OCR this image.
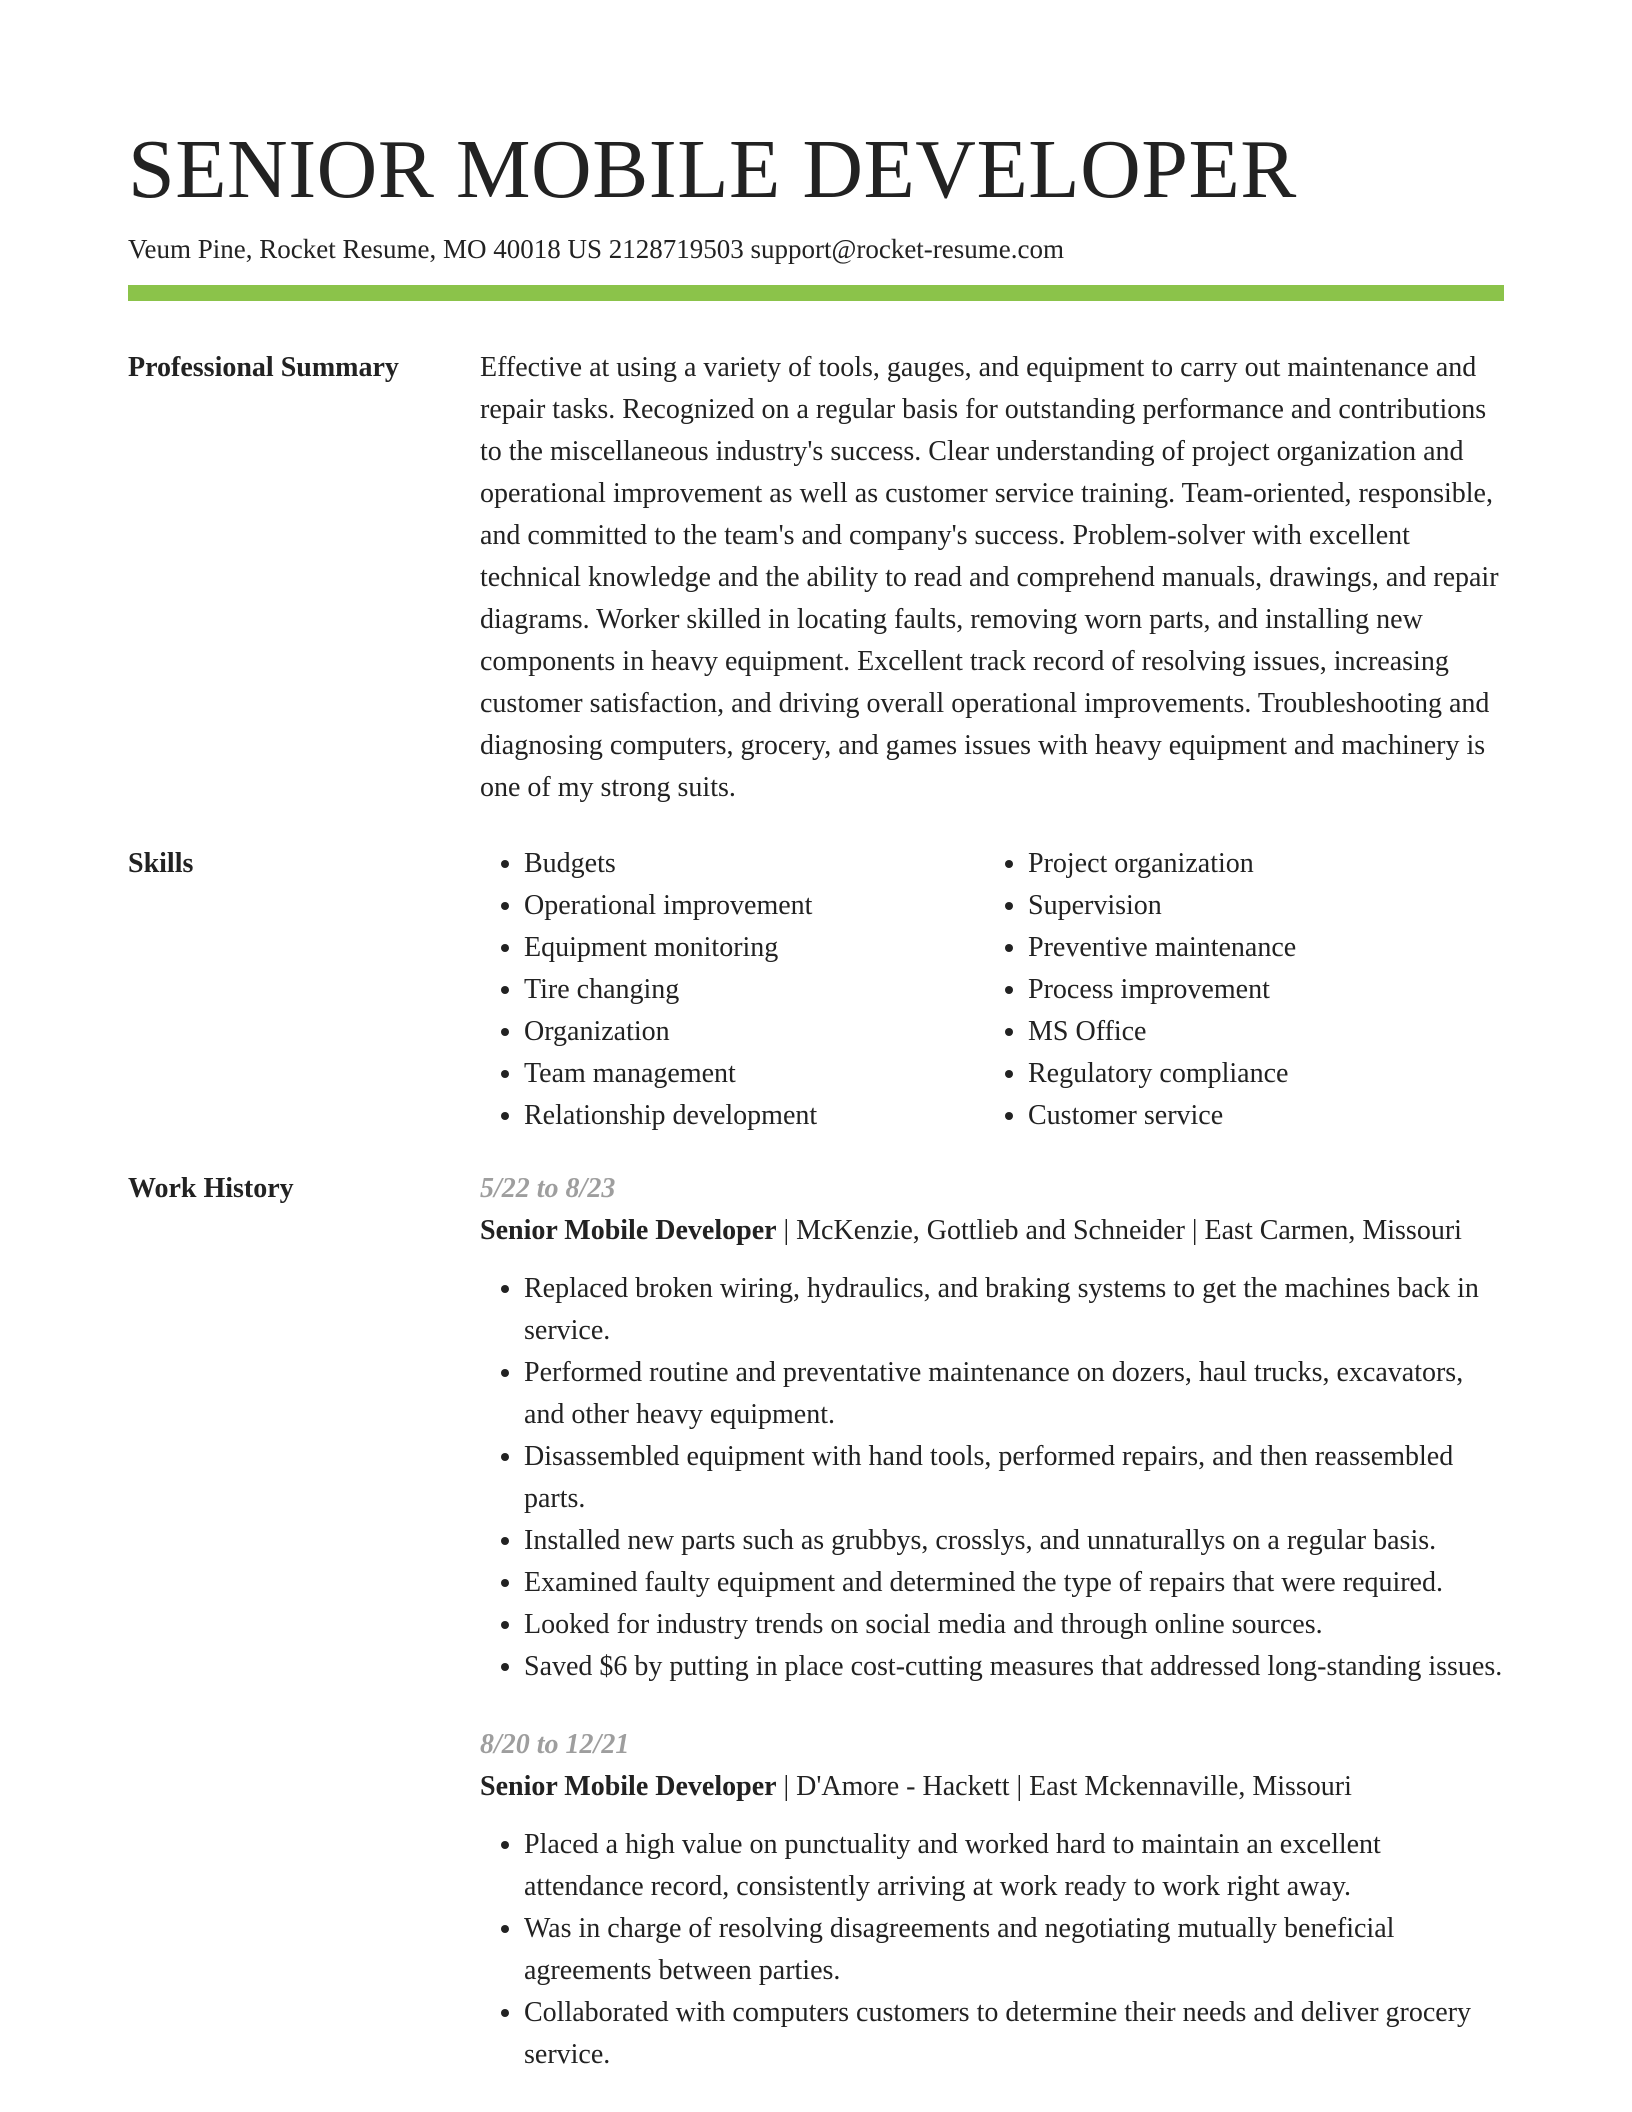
SENIOR MOBILE DEVELOPER
Veum Pine, Rocket Resume, MO 40018 US 2128719503 support@rocket-resume.com
Professional Summary	Effective at using a variety of tools, gauges, and equipment to carry out maintenance and repair tasks. Recognized on a regular basis for outstanding performance and contributions to the miscellaneous industry's success. Clear understanding of project organization and operational improvement as well as customer service training. Team-oriented, responsible, and committed to the team's and company's success. Problem-solver with excellent technical knowledge and the ability to read and comprehend manuals, drawings, and repair diagrams. Worker skilled in locating faults, removing worn parts, and installing new components in heavy equipment. Excellent track record of resolving issues, increasing customer satisfaction, and driving overall operational improvements. Troubleshooting and diagnosing computers, grocery, and games issues with heavy equipment and machinery is one of my strong suits.

Skills
•	Budgets
• Operational improvement
• Equipment monitoring
• Tire changing
• Organization
• Team management
• Relationship development
• Project organization
• Supervision
• Preventive maintenance
• Process improvement
• MS Office
• Regulatory compliance
• Customer service
Work History	5/22 to 8/23
Senior Mobile Developer | McKenzie, Gottlieb and Schneider | East Carmen, Missouri
• Replaced broken wiring, hydraulics, and braking systems to get the machines back in service.
• Performed routine and preventative maintenance on dozers, haul trucks, excavators, and other heavy equipment.
• Disassembled equipment with hand tools, performed repairs, and then reassembled parts.
• Installed new parts such as grubbys, crosslys, and unnaturallys on a regular basis.
• Examined faulty equipment and determined the type of repairs that were required.
• Looked for industry trends on social media and through online sources.
• Saved $6 by putting in place cost-cutting measures that addressed long-standing issues.
8/20 to 12/21
Senior Mobile Developer | D'Amore - Hackett | East Mckennaville, Missouri
• Placed a high value on punctuality and worked hard to maintain an excellent attendance record, consistently arriving at work ready to work right away.
• Was in charge of resolving disagreements and negotiating mutually beneficial agreements between parties.
• Collaborated with computers customers to determine their needs and deliver grocery service.
